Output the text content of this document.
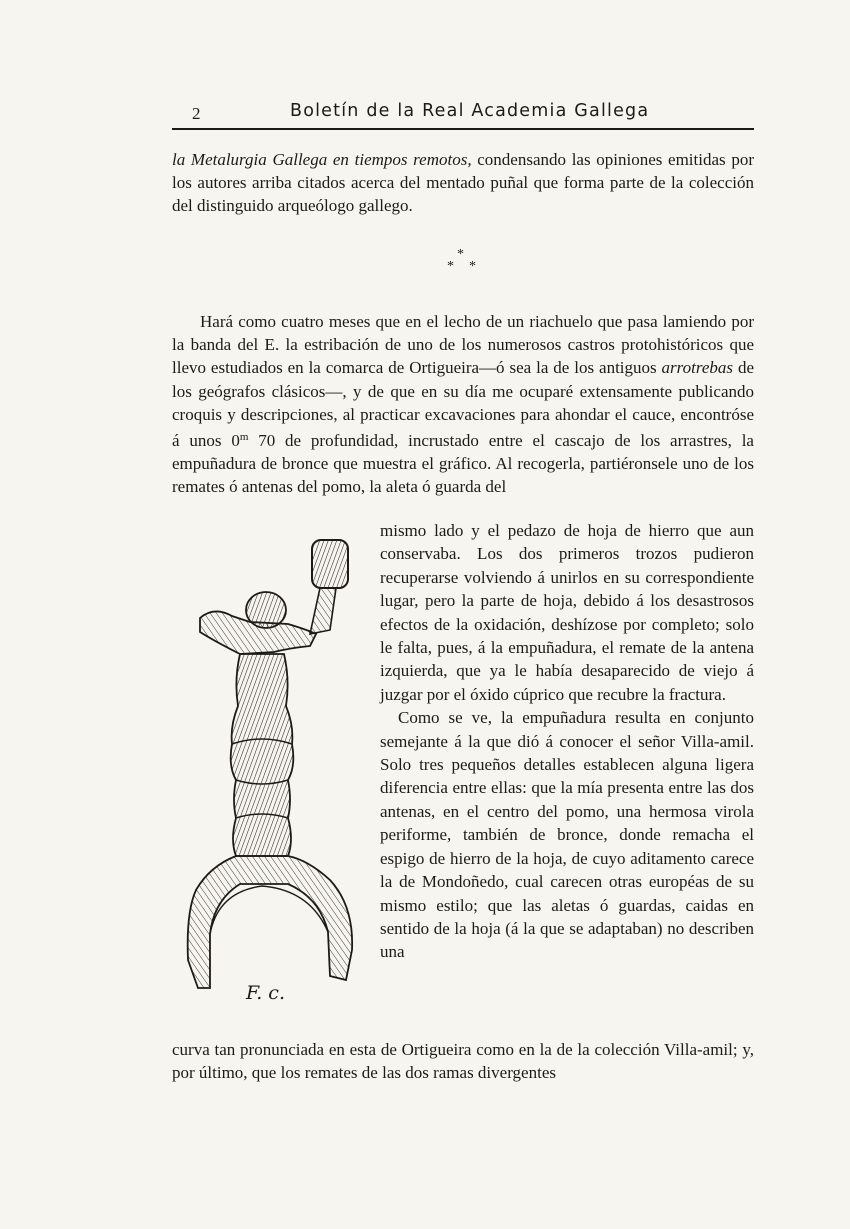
2	Boletín de la Real Academia Gallega

la Metalurgia Gallega en tiempos remotos, condensando las opiniones emitidas por los autores arriba citados acerca del mentado puñal que forma parte de la colección del distinguido arqueólogo gallego.

*
* *

Hará como cuatro meses que en el lecho de un riachuelo que pasa lamiendo por la banda del E. la estribación de uno de los numerosos castros protohistóricos que llevo estudiados en la comarca de Ortigueira—ó sea la de los antiguos arrotrebas de los geógrafos clásicos—, y de que en su día me ocuparé extensamente publicando croquis y descripciones, al practicar excavaciones para ahondar el cauce, encontróse á unos 0$^m$ 70 de profundidad, incrustado entre el cascajo de los arrastres, la empuñadura de bronce que muestra el gráfico. Al recogerla, partiéronsele uno de los remates ó antenas del pomo, la aleta ó guarda del

F. c.

mismo lado y el pedazo de hoja de hierro que aun conservaba. Los dos primeros trozos pudieron recuperarse volviendo á unirlos en su correspondiente lugar, pero la parte de hoja, debido á los desastrosos efectos de la oxidación, deshízose por completo; solo le falta, pues, á la empuñadura, el remate de la antena izquierda, que ya le había desaparecido de viejo á juzgar por el óxido cúprico que recubre la fractura.

Como se ve, la empuñadura resulta en conjunto semejante á la que dió á conocer el señor Villa-amil. Solo tres pequeños detalles establecen alguna ligera diferencia entre ellas: que la mía presenta entre las dos antenas, en el centro del pomo, una hermosa virola periforme, también de bronce, donde remacha el espigo de hierro de la hoja, de cuyo aditamento carece la de Mondoñedo, cual carecen otras européas de su mismo estilo; que las aletas ó guardas, caidas en sentido de la hoja (á la que se adaptaban) no describen una

curva tan pronunciada en esta de Ortigueira como en la de la colección Villa-amil; y, por último, que los remates de las dos ramas divergentes
